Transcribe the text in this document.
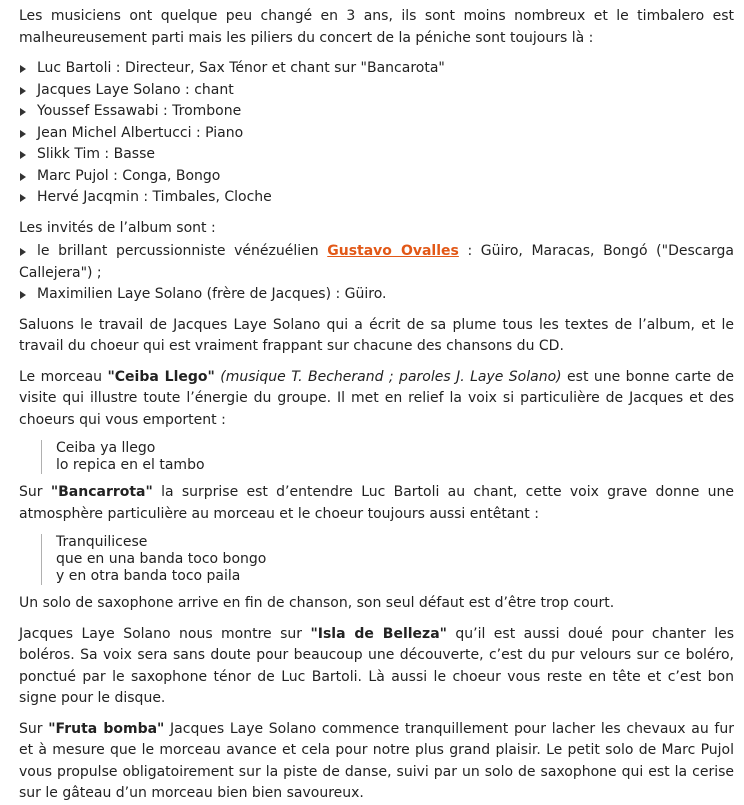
Les musiciens ont quelque peu changé en 3 ans, ils sont moins nombreux et le timbalero est malheureusement parti mais les piliers du concert de la péniche sont toujours là :

Luc Bartoli : Directeur, Sax Ténor et chant sur "Bancarota"
Jacques Laye Solano : chant
Youssef Essawabi : Trombone
Jean Michel Albertucci : Piano
Slikk Tim : Basse
Marc Pujol : Conga, Bongo
Hervé Jacqmin : Timbales, Cloche

Les invités de l’album sont :

le brillant percussionniste vénézuélien Gustavo Ovalles : Güiro, Maracas, Bongó ("Descarga Callejera") ;
Maximilien Laye Solano (frère de Jacques) : Güiro.

Saluons le travail de Jacques Laye Solano qui a écrit de sa plume tous les textes de l’album, et le travail du choeur qui est vraiment frappant sur chacune des chansons du CD.

Le morceau "Ceiba Llego" (musique T. Becherand ; paroles J. Laye Solano) est une bonne carte de visite qui illustre toute l’énergie du groupe. Il met en relief la voix si particulière de Jacques et des choeurs qui vous emportent :

Ceiba ya llego
lo repica en el tambo

Sur "Bancarrota" la surprise est d’entendre Luc Bartoli au chant, cette voix grave donne une atmosphère particulière au morceau et le choeur toujours aussi entêtant :

Tranquilicese
que en una banda toco bongo
y en otra banda toco paila

Un solo de saxophone arrive en fin de chanson, son seul défaut est d’être trop court.

Jacques Laye Solano nous montre sur "Isla de Belleza" qu’il est aussi doué pour chanter les boléros. Sa voix sera sans doute pour beaucoup une découverte, c’est du pur velours sur ce boléro, ponctué par le saxophone ténor de Luc Bartoli. Là aussi le choeur vous reste en tête et c’est bon signe pour le disque.

Sur "Fruta bomba" Jacques Laye Solano commence tranquillement pour lacher les chevaux au fur et à mesure que le morceau avance et cela pour notre plus grand plaisir. Le petit solo de Marc Pujol vous propulse obligatoirement sur la piste de danse, suivi par un solo de saxophone qui est la cerise sur le gâteau d’un morceau bien bien savoureux.
